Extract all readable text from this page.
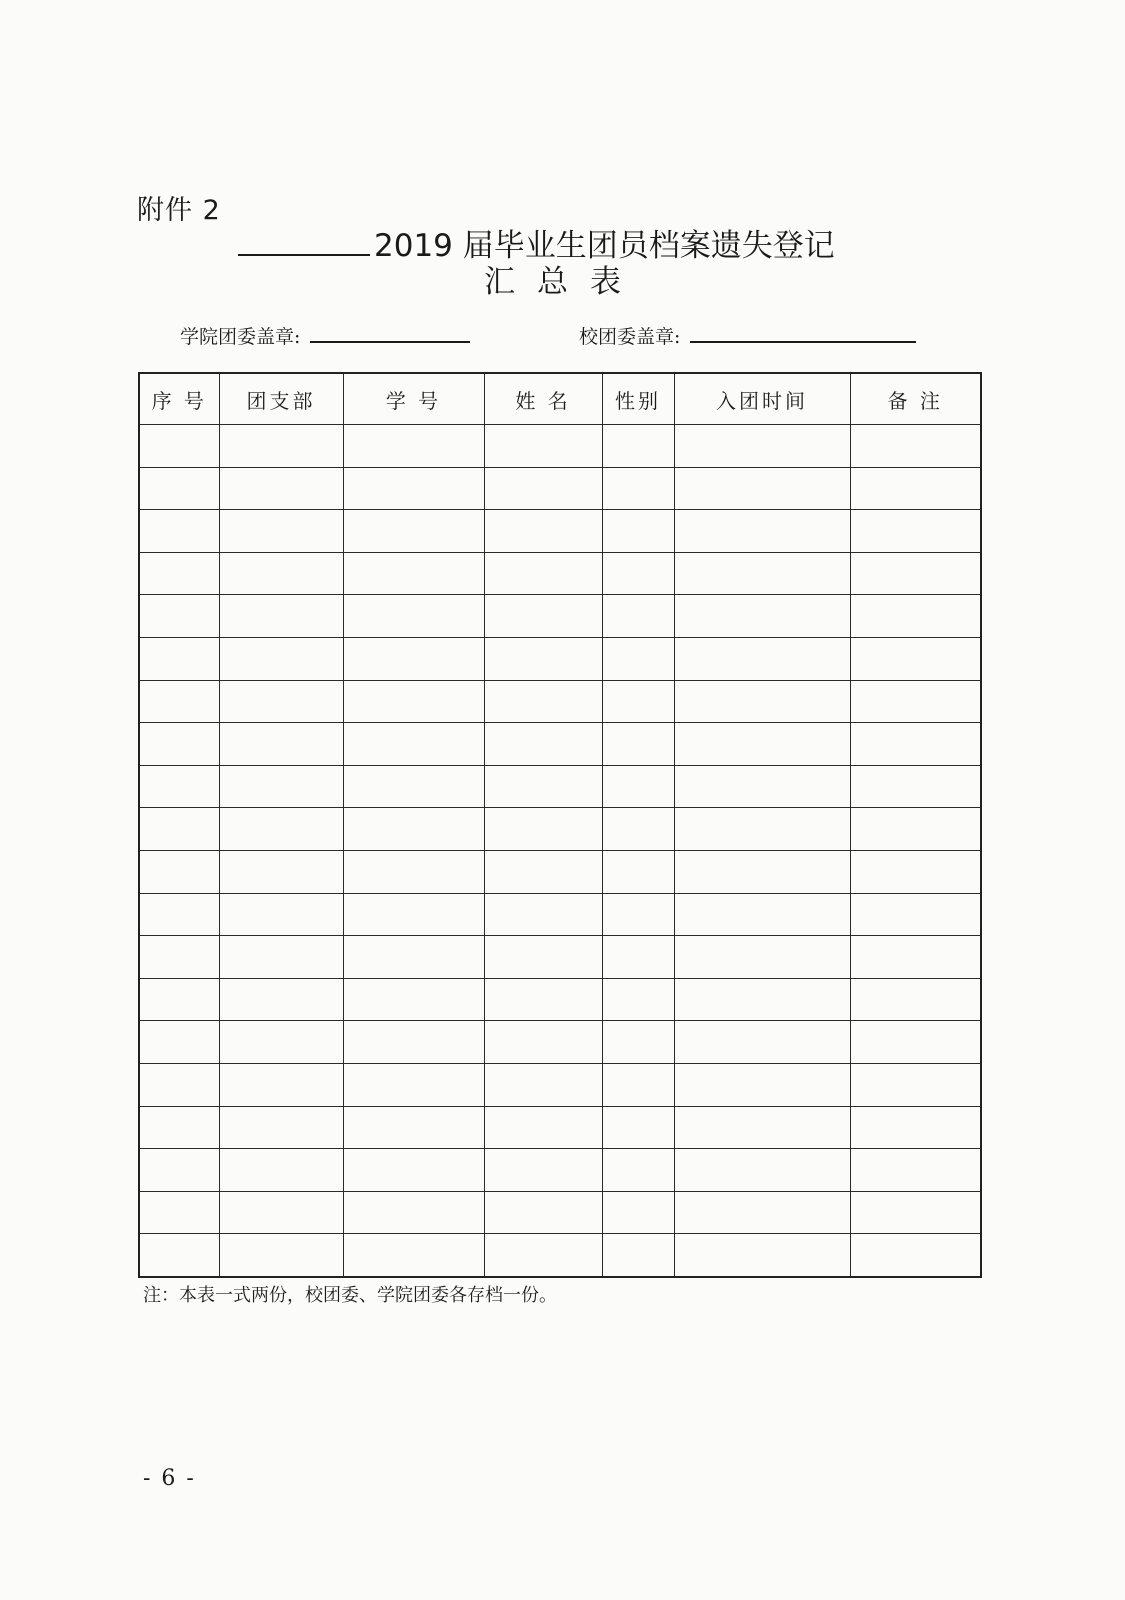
附件 2
2019 届毕业生团员档案遗失登记
汇总表
学院团委盖章:	校团委盖章:
序 号	团支部	学 号	姓 名	性别	入团时间	备 注

注：本表一式两份，校团委、学院团委各存档一份。
- 6 -
